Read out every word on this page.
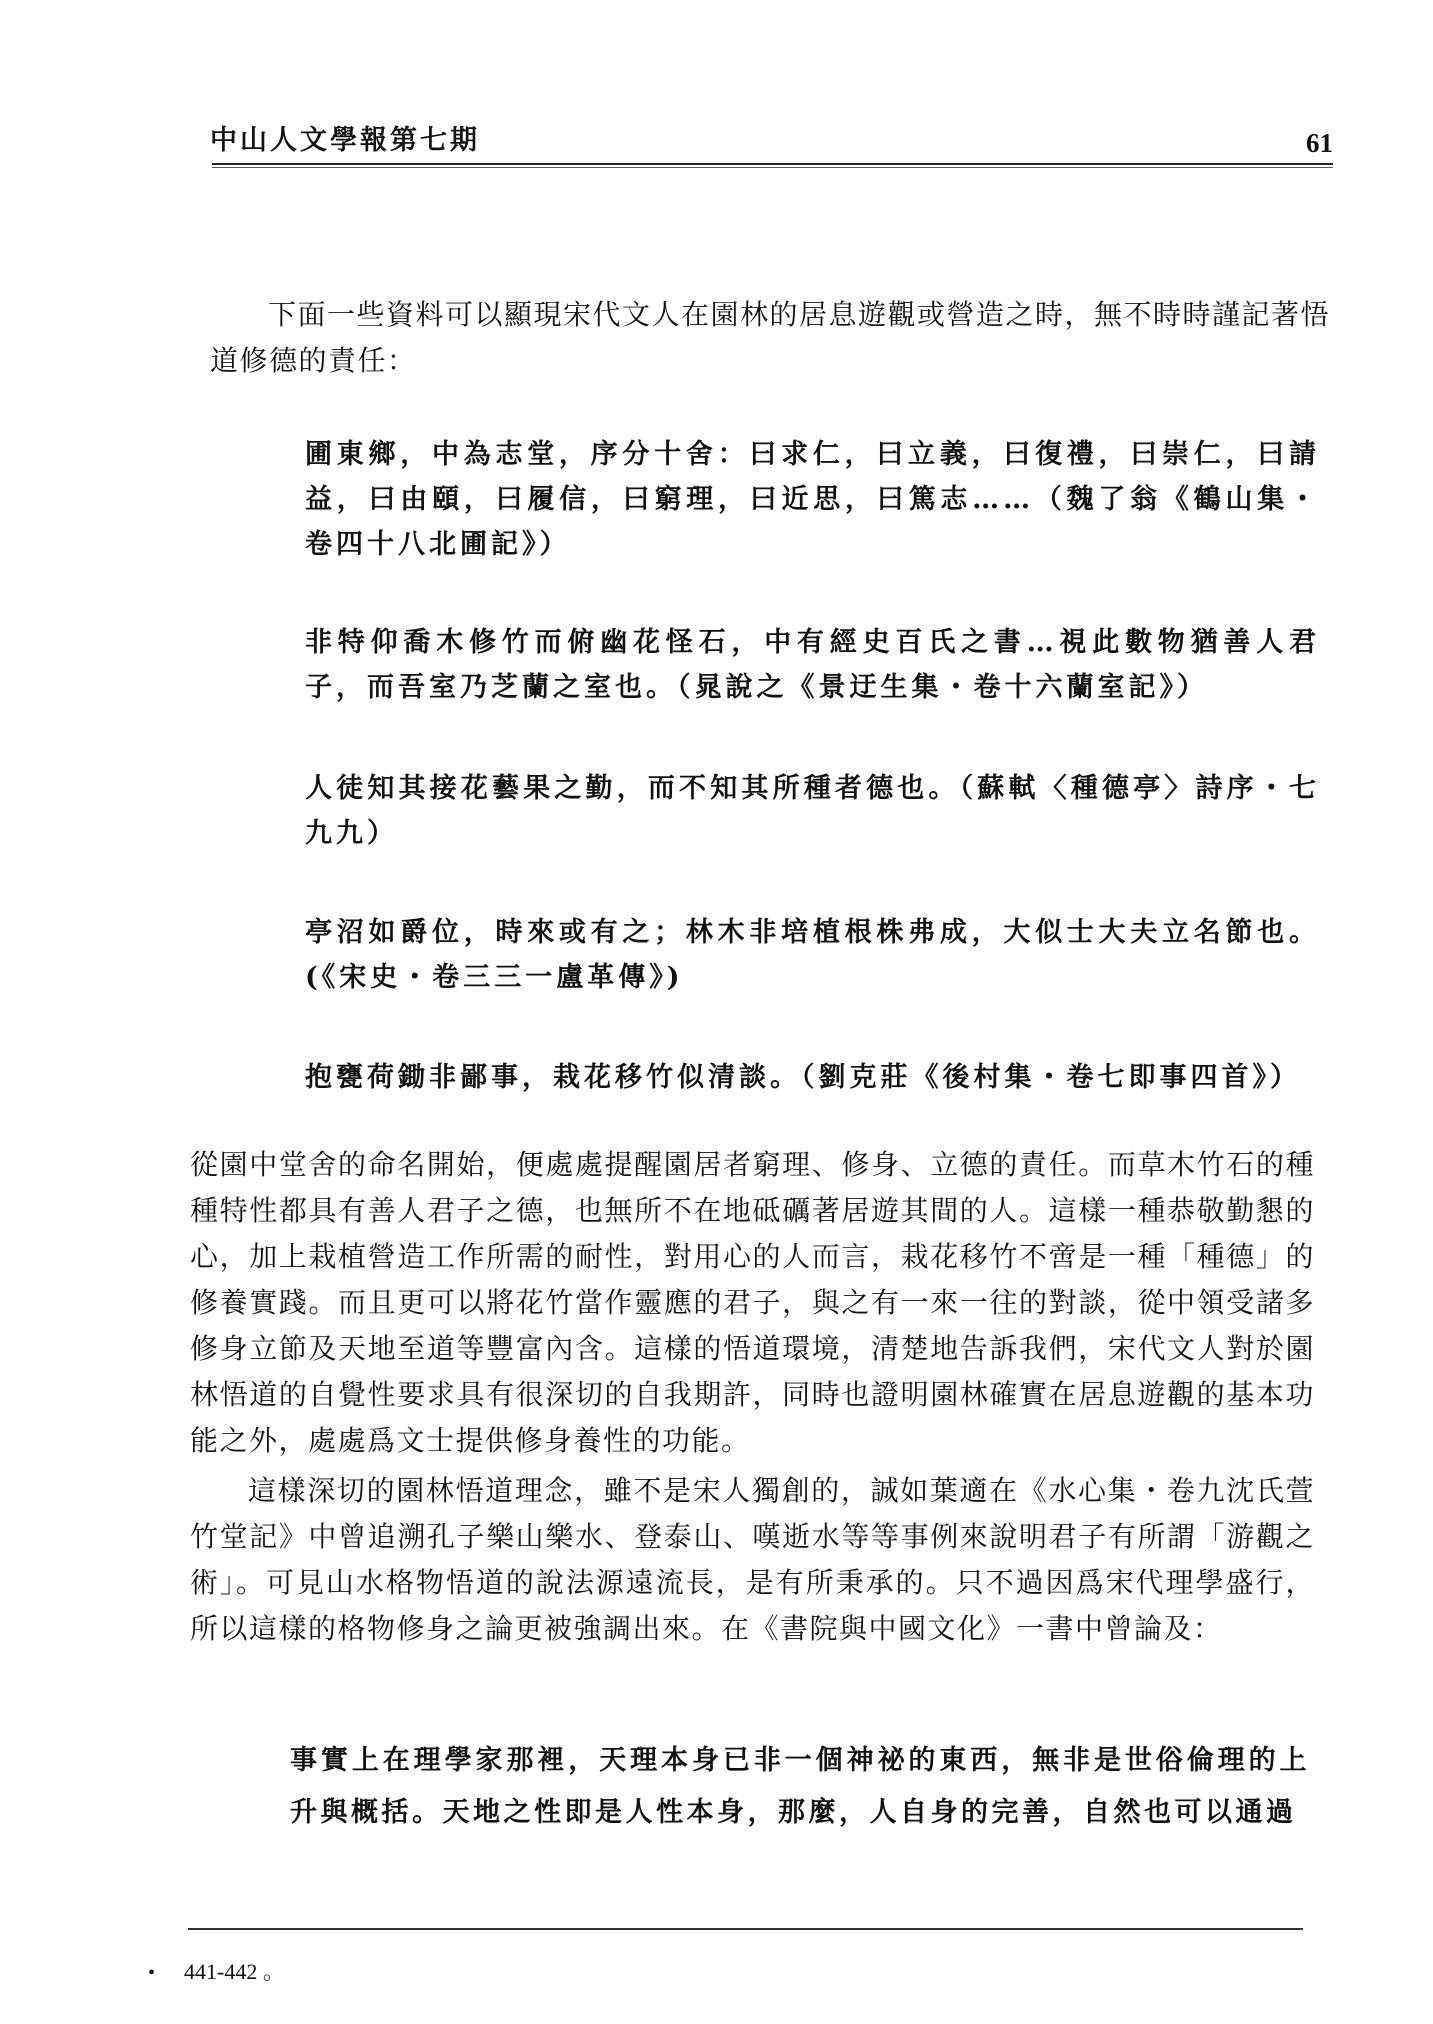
中山人文學報第七期	61

下面一些資料可以顯現宋代文人在園林的居息遊觀或營造之時，無不時時謹記著悟道修德的責任：

圃東鄉，中為志堂，序分十舍：曰求仁，曰立義，曰復禮，曰崇仁，曰請益，曰由頤，曰履信，曰窮理，曰近思，曰篤志……（魏了翁《鶴山集・卷四十八北圃記》）

非特仰喬木修竹而俯幽花怪石，中有經史百氏之書…視此數物猶善人君子，而吾室乃芝蘭之室也。（晁說之《景迂生集・卷十六蘭室記》）

人徒知其接花藝果之勤，而不知其所種者德也。（蘇軾〈種德亭〉詩序・七九九）

亭沼如爵位，時來或有之；林木非培植根株弗成，大似士大夫立名節也。(《宋史・卷三三一盧革傳》)

抱甕荷鋤非鄙事，栽花移竹似清談。（劉克莊《後村集・卷七即事四首》）

從園中堂舍的命名開始，便處處提醒園居者窮理、修身、立德的責任。而草木竹石的種種特性都具有善人君子之德，也無所不在地砥礪著居遊其間的人。這樣一種恭敬勤懇的心，加上栽植營造工作所需的耐性，對用心的人而言，栽花移竹不啻是一種「種德」的修養實踐。而且更可以將花竹當作靈應的君子，與之有一來一往的對談，從中領受諸多修身立節及天地至道等豐富內含。這樣的悟道環境，清楚地告訴我們，宋代文人對於園林悟道的自覺性要求具有很深切的自我期許，同時也證明園林確實在居息遊觀的基本功能之外，處處爲文士提供修身養性的功能。

這樣深切的園林悟道理念，雖不是宋人獨創的，誠如葉適在《水心集・卷九沈氏萱竹堂記》中曾追溯孔子樂山樂水、登泰山、嘆逝水等等事例來說明君子有所謂「游觀之術」。可見山水格物悟道的說法源遠流長，是有所秉承的。只不過因爲宋代理學盛行，所以這樣的格物修身之論更被強調出來。在《書院與中國文化》一書中曾論及：

事實上在理學家那裡，天理本身已非一個神祕的東西，無非是世俗倫理的上升與概括。天地之性即是人性本身，那麼，人自身的完善，自然也可以通過

• 441-442 。
